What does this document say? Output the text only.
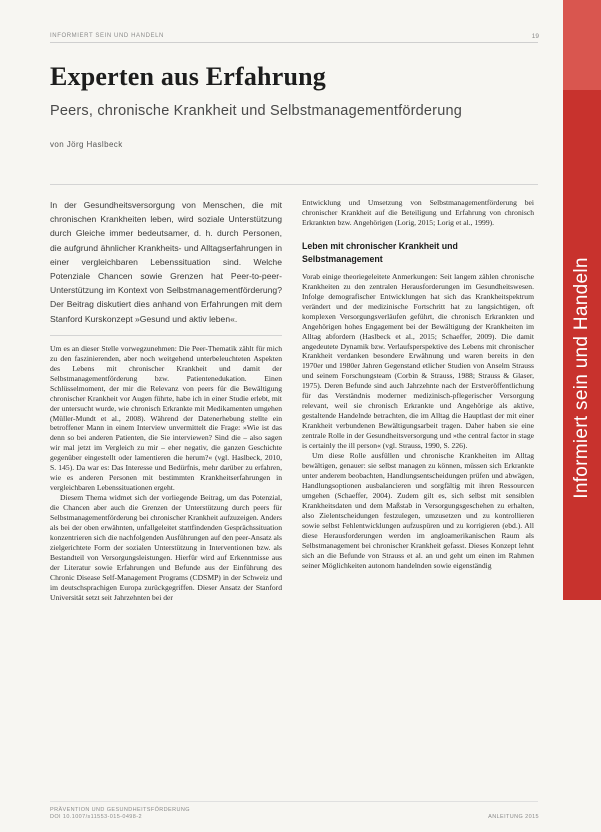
INFORMIERT SEIN UND HANDELN	19
Informiert sein und Handeln
Experten aus Erfahrung
Peers, chronische Krankheit und Selbstmanagementförderung
von Jörg Haslbeck

In der Gesundheitsversorgung von Menschen, die mit chronischen Krankheiten leben, wird soziale Unterstützung durch Gleiche immer bedeutsamer, d. h. durch Personen, die aufgrund ähnlicher Krankheits- und Alltagserfahrungen in einer vergleichbaren Lebenssituation sind. Welche Potenziale Chancen sowie Grenzen hat Peer-to-peer-Unterstützung im Kontext von Selbstmanagementförderung? Der Beitrag diskutiert dies anhand von Erfahrungen mit dem Stanford Kurskonzept »Gesund und aktiv leben«.

Um es an dieser Stelle vorwegzunehmen: Die Peer-Thematik zählt für mich zu den faszinierenden, aber noch weitgehend unterbeleuchteten Aspekten des Lebens mit chronischer Krankheit und damit der Selbstmanagementförderung bzw. Patientenedukation. Einen Schlüsselmoment, der mir die Relevanz von peers für die Bewältigung chronischer Krankheit vor Augen führte, habe ich in einer Studie erlebt, mit der untersucht wurde, wie chronisch Erkrankte mit Medikamenten umgehen (Müller-Mundt et al., 2008). Während der Datenerhebung stellte ein betroffener Mann in einem Interview unvermittelt die Frage: »Wie ist das denn so bei anderen Patienten, die Sie interviewen? Sind die – also sagen wir mal jetzt im Vergleich zu mir – eher negativ, die ganzen Geschichte gegenüber eingestellt oder lamentieren die herum?« (vgl. Haslbeck, 2010, S. 145). Da war es: Das Interesse und Bedürfnis, mehr darüber zu erfahren, wie es anderen Personen mit bestimmten Krankheitserfahrungen in vergleichbaren Lebenssituationen ergeht.

Diesem Thema widmet sich der vorliegende Beitrag, um das Potenzial, die Chancen aber auch die Grenzen der Unterstützung durch peers für Selbstmanagementförderung bei chronischer Krankheit aufzuzeigen. Anders als bei der oben erwähnten, unfallgeleitet stattfindenden Gesprächssituation konzentrieren sich die nachfolgenden Ausführungen auf den peer-Ansatz als zielgerichtete Form der sozialen Unterstützung in Interventionen bzw. als Bestandteil von Versorgungsleistungen. Hierfür wird auf Erkenntnisse aus der Literatur sowie Erfahrungen und Befunde aus der Einführung des Chronic Disease Self-Management Programs (CDSMP) in der Schweiz und im deutschsprachigen Europa zurückgegriffen. Dieser Ansatz der Stanford Universität setzt seit Jahrzehnten bei der

Entwicklung und Umsetzung von Selbstmanagementförderung bei chronischer Krankheit auf die Beteiligung und Erfahrung von chronisch Erkrankten bzw. Angehörigen (Lorig, 2015; Lorig et al., 1999).

Leben mit chronischer Krankheit und Selbstmanagement

Vorab einige theoriegeleitete Anmerkungen: Seit langem zählen chronische Krankheiten zu den zentralen Herausforderungen im Gesundheitswesen. Infolge demografischer Entwicklungen hat sich das Krankheitspektrum verändert und der medizinische Fortschritt hat zu langsichtigen, oft komplexen Versorgungsverläufen geführt, die chronisch Erkrankten und Angehörigen hohes Engagement bei der Bewältigung der Krankheiten im Alltag abfordern (Haslbeck et al., 2015; Schaeffer, 2009). Die damit angedeutete Dynamik bzw. Verlaufsperspektive des Lebens mit chronischer Krankheit verdanken besondere Erwähnung und waren bereits in den 1970er und 1980er Jahren Gegenstand etlicher Studien von Anselm Strauss und seinem Forschungsteam (Corbin & Strauss, 1988; Strauss & Glaser, 1975). Deren Befunde sind auch Jahrzehnte nach der Erstveröffentlichung für das Verständnis moderner medizinisch-pflegerischer Versorgung relevant, weil sie chronisch Erkrankte und Angehörige als aktive, gestaltende Handelnde betrachten, die im Alltag die Hauptlast der mit einer Krankheit verbundenen Bewältigungsarbeit tragen. Daher haben sie eine zentrale Rolle in der Gesundheitsversorgung und »the central factor in stage is certainly the ill person« (vgl. Strauss, 1990, S. 226).

Um diese Rolle ausfüllen und chronische Krankheiten im Alltag bewältigen, genauer: sie selbst managen zu können, müssen sich Erkrankte unter anderem beobachten, Handlungsentscheidungen prüfen und abwägen, Handlungsoptionen ausbalancieren und sorgfältig mit ihren Ressourcen umgehen (Schaeffer, 2004). Zudem gilt es, sich selbst mit sensiblen Krankheitsdaten und dem Maßstab in Versorgungsgeschehen zu erhalten, also Zielentscheidungen festzulegen, umzusetzen und zu kontrollieren sowie selbst Fehlentwicklungen aufzuspüren und zu korrigieren (ebd.). All diese Herausforderungen werden im angloamerikanischen Raum als Selbstmanagement bei chronischer Krankheit gefasst. Dieses Konzept lehnt sich an die Befunde von Strauss et al. an und geht um einen im Rahmen seiner Möglichkeiten autonom handelnden sowie eigenständig

PRÄVENTION UND GESUNDHEITSFÖRDERUNG
DOI 10.1007/s11553-015-0498-2	ANLEITUNG 2015
